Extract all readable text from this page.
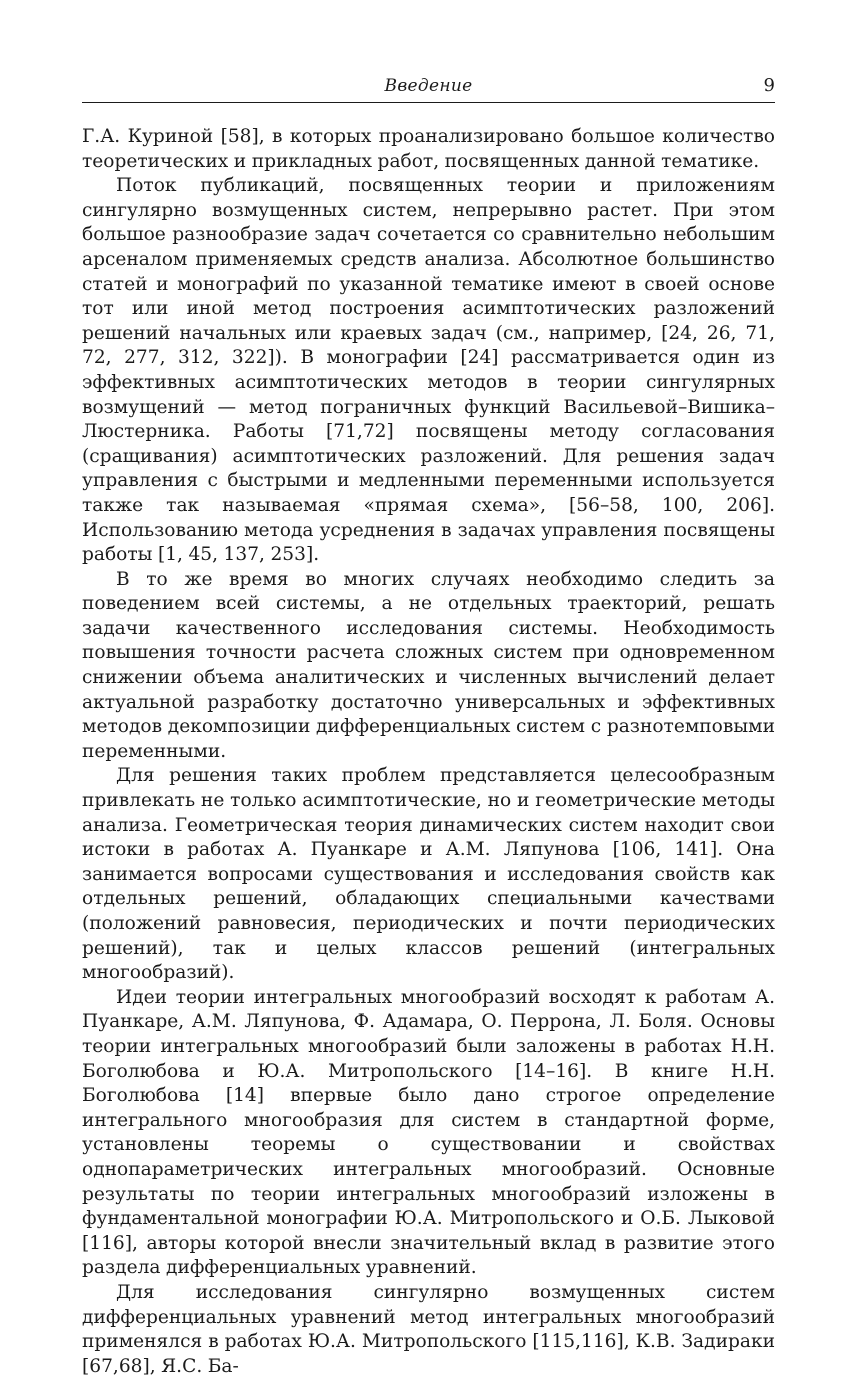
Введение	9

Г.А. Куриной [58], в которых проанализировано большое количество теоретических и прикладных работ, посвященных данной тематике.

Поток публикаций, посвященных теории и приложениям сингулярно возмущенных систем, непрерывно растет. При этом большое разнообразие задач сочетается со сравнительно небольшим арсеналом применяемых средств анализа. Абсолютное большинство статей и монографий по указанной тематике имеют в своей основе тот или иной метод построения асимптотических разложений решений начальных или краевых задач (см., например, [24, 26, 71, 72, 277, 312, 322]). В монографии [24] рассматривается один из эффективных асимптотических методов в теории сингулярных возмущений — метод пограничных функций Васильевой–Вишика–Люстерника. Работы [71,72] посвящены методу согласования (сращивания) асимптотических разложений. Для решения задач управления с быстрыми и медленными переменными используется также так называемая «прямая схема», [56–58, 100, 206]. Использованию метода усреднения в задачах управления посвящены работы [1, 45, 137, 253].

В то же время во многих случаях необходимо следить за поведением всей системы, а не отдельных траекторий, решать задачи качественного исследования системы. Необходимость повышения точности расчета сложных систем при одновременном снижении объема аналитических и численных вычислений делает актуальной разработку достаточно универсальных и эффективных методов декомпозиции дифференциальных систем с разнотемповыми переменными.

Для решения таких проблем представляется целесообразным привлекать не только асимптотические, но и геометрические методы анализа. Геометрическая теория динамических систем находит свои истоки в работах А. Пуанкаре и А.М. Ляпунова [106, 141]. Она занимается вопросами существования и исследования свойств как отдельных решений, обладающих специальными качествами (положений равновесия, периодических и почти периодических решений), так и целых классов решений (интегральных многообразий).

Идеи теории интегральных многообразий восходят к работам А. Пуанкаре, А.М. Ляпунова, Ф. Адамара, О. Перрона, Л. Боля. Основы теории интегральных многообразий были заложены в работах Н.Н. Боголюбова и Ю.А. Митропольского [14–16]. В книге Н.Н. Боголюбова [14] впервые было дано строгое определение интегрального многообразия для систем в стандартной форме, установлены теоремы о существовании и свойствах однопараметрических интегральных многообразий. Основные результаты по теории интегральных многообразий изложены в фундаментальной монографии Ю.А. Митропольского и О.Б. Лыковой [116], авторы которой внесли значительный вклад в развитие этого раздела дифференциальных уравнений.

Для исследования сингулярно возмущенных систем дифференциальных уравнений метод интегральных многообразий применялся в работах Ю.А. Митропольского [115,116], К.В. Задираки [67,68], Я.С. Ба-
